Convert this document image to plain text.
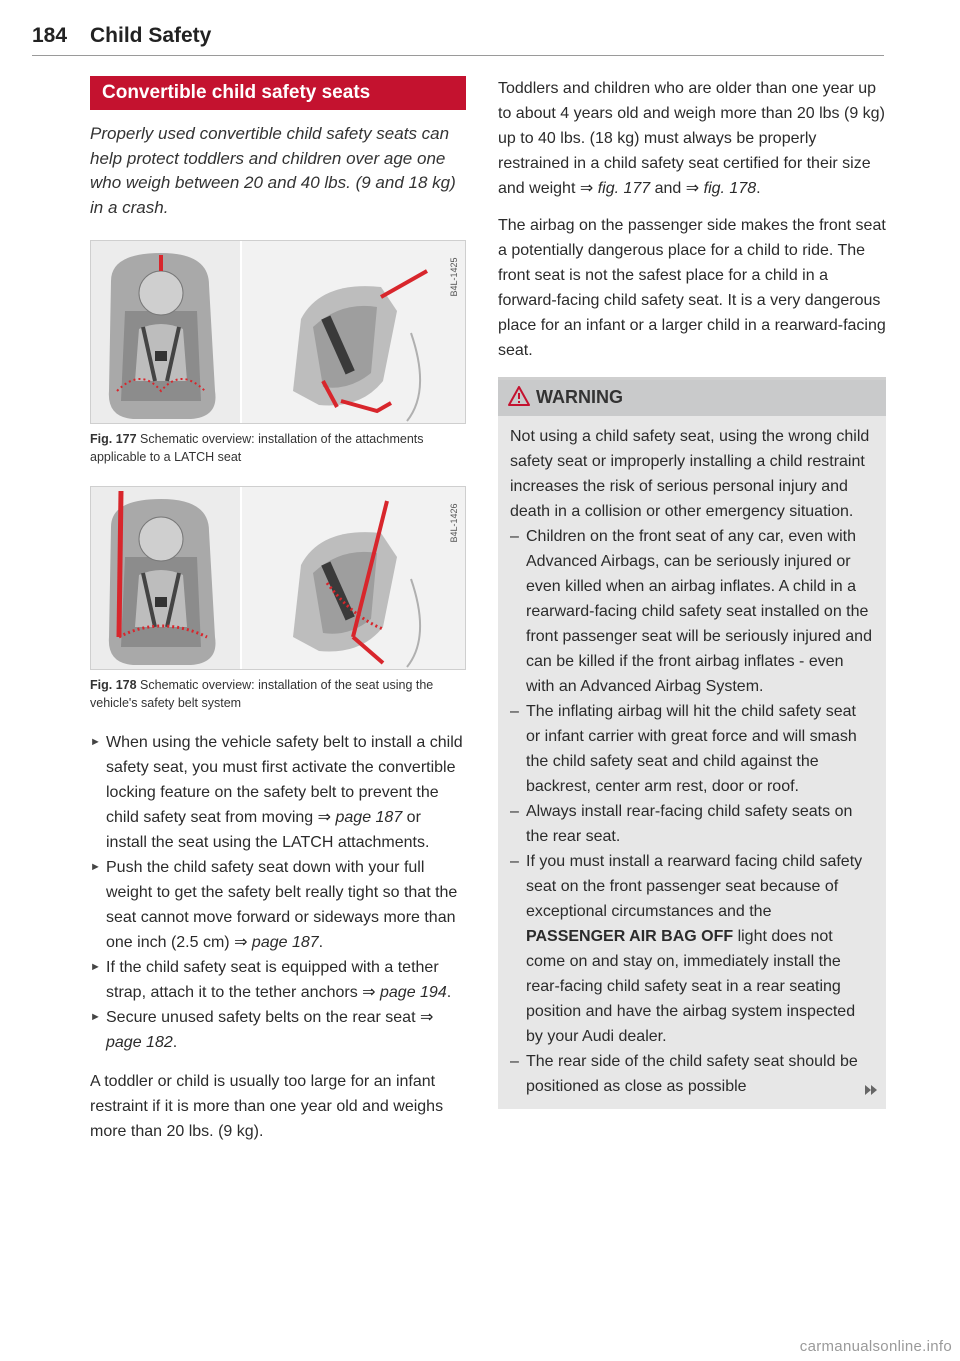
184 Child Safety
Convertible child safety seats

Properly used convertible child safety seats can help protect toddlers and children over age one who weigh between 20 and 40 lbs. (9 and 18 kg) in a crash.

B4L-1425

Fig. 177 Schematic overview: installation of the attachments applicable to a LATCH seat

B4L-1426

Fig. 178 Schematic overview: installation of the seat using the vehicle's safety belt system

► When using the vehicle safety belt to install a child safety seat, you must first activate the convertible locking feature on the safety belt to prevent the child safety seat from moving ⇒ page 187 or install the seat using the LATCH attachments.
► Push the child safety seat down with your full weight to get the safety belt really tight so that the seat cannot move forward or sideways more than one inch (2.5 cm) ⇒ page 187.
► If the child safety seat is equipped with a tether strap, attach it to the tether anchors ⇒ page 194.
► Secure unused safety belts on the rear seat ⇒ page 182.

A toddler or child is usually too large for an infant restraint if it is more than one year old and weighs more than 20 lbs. (9 kg).

Toddlers and children who are older than one year up to about 4 years old and weigh more than 20 lbs (9 kg) up to 40 lbs. (18 kg) must always be properly restrained in a child safety seat certified for their size and weight ⇒ fig. 177 and ⇒ fig. 178.

The airbag on the passenger side makes the front seat a potentially dangerous place for a child to ride. The front seat is not the safest place for a child in a forward-facing child safety seat. It is a very dangerous place for an infant or a larger child in a rearward-facing seat.

WARNING

Not using a child safety seat, using the wrong child safety seat or improperly installing a child restraint increases the risk of serious personal injury and death in a collision or other emergency situation.

– Children on the front seat of any car, even with Advanced Airbags, can be seriously injured or even killed when an airbag inflates. A child in a rearward-facing child safety seat installed on the front passenger seat will be seriously injured and can be killed if the front airbag inflates - even with an Advanced Airbag System.
– The inflating airbag will hit the child safety seat or infant carrier with great force and will smash the child safety seat and child against the backrest, center arm rest, door or roof.
– Always install rear-facing child safety seats on the rear seat.
– If you must install a rearward facing child safety seat on the front passenger seat because of exceptional circumstances and the PASSENGER AIR BAG OFF light does not come on and stay on, immediately install the rear-facing child safety seat in a rear seating position and have the airbag system inspected by your Audi dealer.
– The rear side of the child safety seat should be positioned as close as possible
carmanualsonline.info
